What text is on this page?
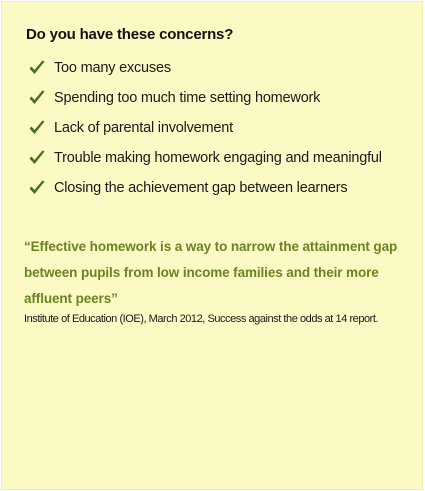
Do you have these concerns?
Too many excuses
Spending too much time setting homework
Lack of parental involvement
Trouble making homework engaging and meaningful
Closing the achievement gap between learners

“Effective homework is a way to narrow the attainment gap between pupils from low income families and their more affluent peers”

Institute of Education (IOE), March 2012, Success against the odds at 14 report.
